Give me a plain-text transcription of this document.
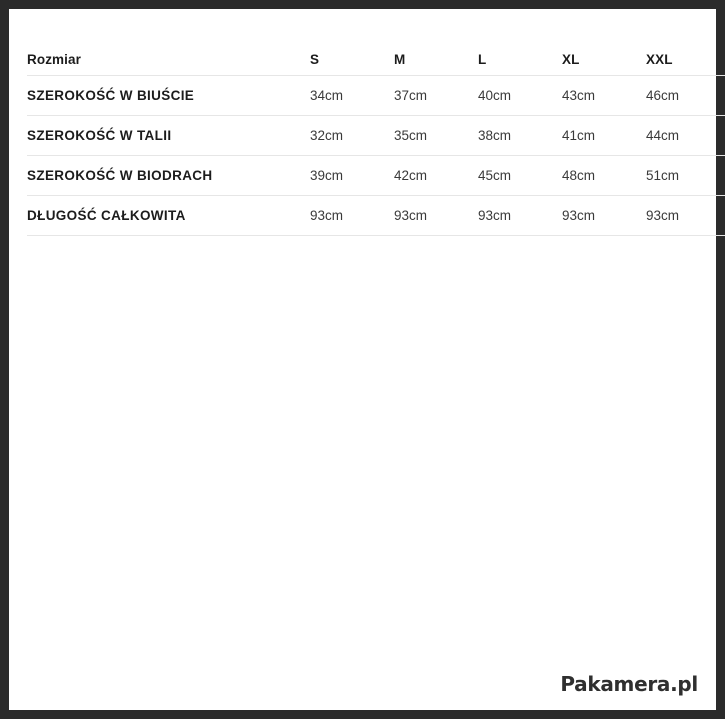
Rozmiar	S	M	L	XL	XXL
SZEROKOŚĆ W BIUŚCIE	34cm	37cm	40cm	43cm	46cm
SZEROKOŚĆ W TALII	32cm	35cm	38cm	41cm	44cm
SZEROKOŚĆ W BIODRACH	39cm	42cm	45cm	48cm	51cm
DŁUGOŚĆ CAŁKOWITA	93cm	93cm	93cm	93cm	93cm
Pakamera.pl
